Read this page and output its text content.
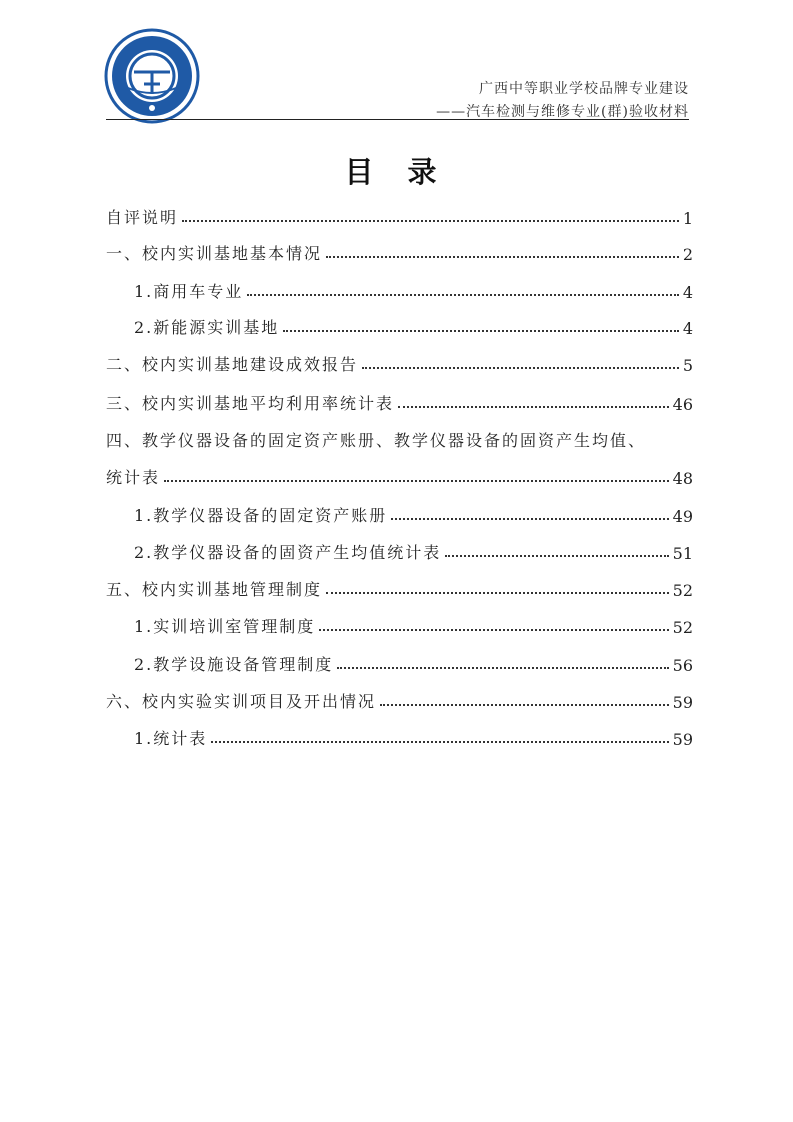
广西中等职业学校品牌专业建设
——汽车检测与维修专业(群)验收材料
目 录
自评说明	1
一、校内实训基地基本情况	2
1.商用车专业	4
2.新能源实训基地	4
二、校内实训基地建设成效报告	5
三、校内实训基地平均利用率统计表	46
四、教学仪器设备的固定资产账册、教学仪器设备的固资产生均值、
统计表	48
1.教学仪器设备的固定资产账册	49
2.教学仪器设备的固资产生均值统计表	51
五、校内实训基地管理制度	52
1.实训培训室管理制度	52
2.教学设施设备管理制度	56
六、校内实验实训项目及开出情况	59
1.统计表	59
